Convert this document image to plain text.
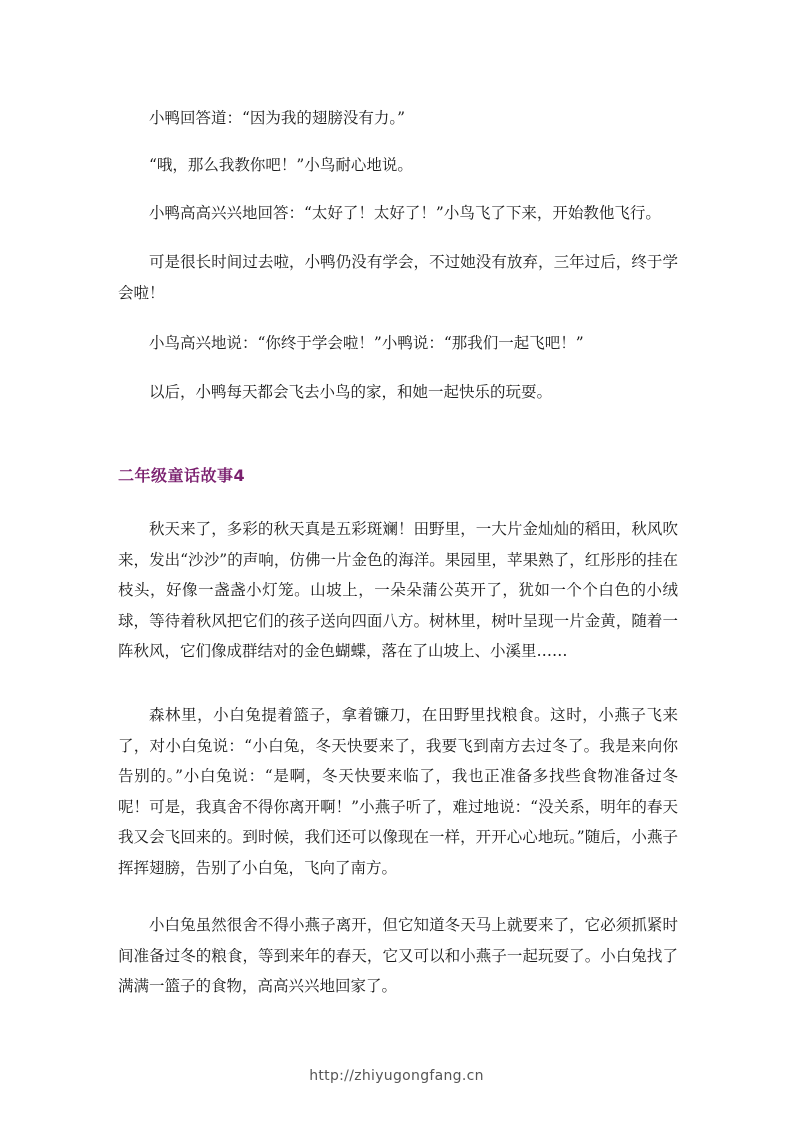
小鸭回答道：“因为我的翅膀没有力。”

“哦，那么我教你吧！”小鸟耐心地说。

小鸭高高兴兴地回答：“太好了！太好了！”小鸟飞了下来，开始教他飞行。

可是很长时间过去啦，小鸭仍没有学会，不过她没有放弃，三年过后，终于学会啦！

小鸟高兴地说：“你终于学会啦！”小鸭说：“那我们一起飞吧！”

以后，小鸭每天都会飞去小鸟的家，和她一起快乐的玩耍。

二年级童话故事4

秋天来了，多彩的秋天真是五彩斑斓！田野里，一大片金灿灿的稻田，秋风吹来，发出“沙沙”的声响，仿佛一片金色的海洋。果园里，苹果熟了，红彤彤的挂在枝头，好像一盏盏小灯笼。山坡上，一朵朵蒲公英开了，犹如一个个白色的小绒球，等待着秋风把它们的孩子送向四面八方。树林里，树叶呈现一片金黄，随着一阵秋风，它们像成群结对的金色蝴蝶，落在了山坡上、小溪里……

森林里，小白兔提着篮子，拿着镰刀，在田野里找粮食。这时，小燕子飞来了，对小白兔说：“小白兔，冬天快要来了，我要飞到南方去过冬了。我是来向你告别的。”小白兔说：“是啊，冬天快要来临了，我也正准备多找些食物准备过冬呢！可是，我真舍不得你离开啊！”小燕子听了，难过地说：“没关系，明年的春天我又会飞回来的。到时候，我们还可以像现在一样，开开心心地玩。”随后，小燕子挥挥翅膀，告别了小白兔，飞向了南方。

小白兔虽然很舍不得小燕子离开，但它知道冬天马上就要来了，它必须抓紧时间准备过冬的粮食，等到来年的春天，它又可以和小燕子一起玩耍了。小白兔找了满满一篮子的食物，高高兴兴地回家了。

http://zhiyugongfang.cn
